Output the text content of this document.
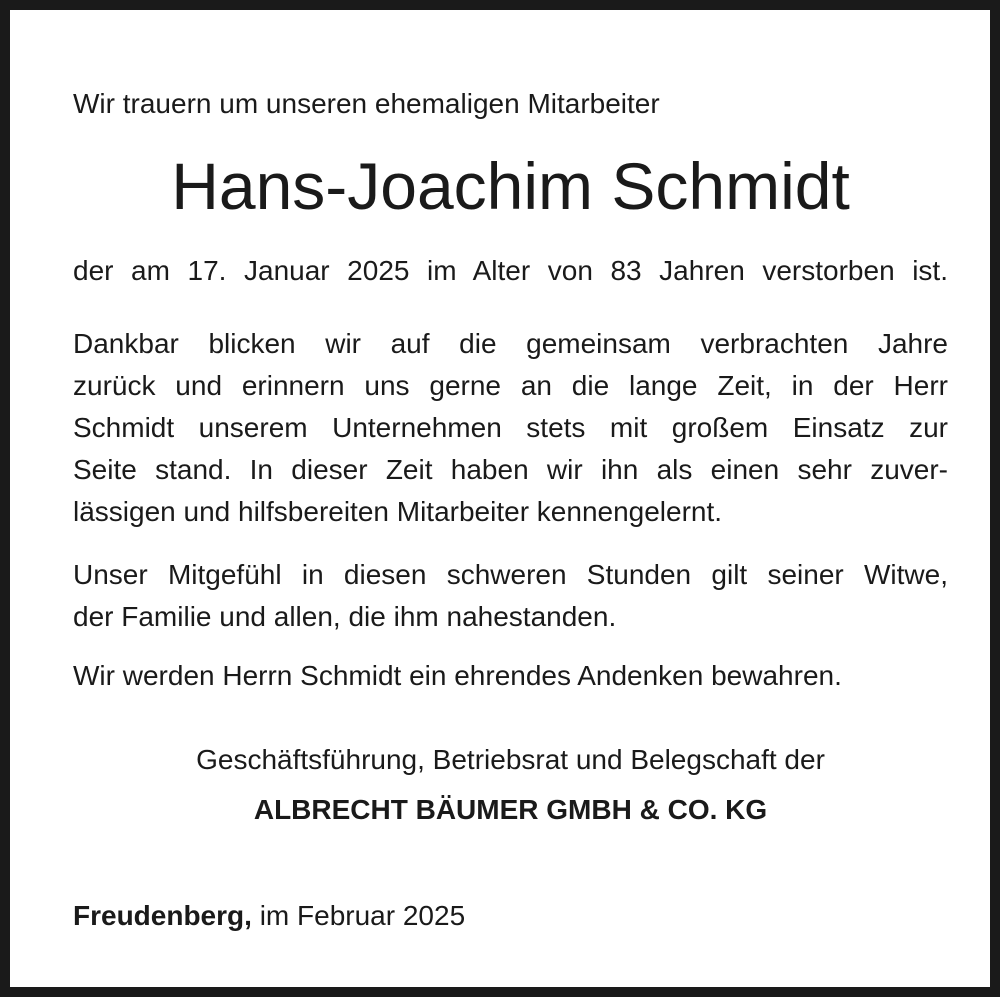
Wir trauern um unseren ehemaligen Mitarbeiter
Hans-Joachim Schmidt
der am 17. Januar 2025 im Alter von 83 Jahren verstorben ist.
Dankbar blicken wir auf die gemeinsam verbrachten Jahre
zurück und erinnern uns gerne an die lange Zeit, in der Herr
Schmidt unserem Unternehmen stets mit großem Einsatz zur
Seite stand. In dieser Zeit haben wir ihn als einen sehr zuver-
lässigen und hilfsbereiten Mitarbeiter kennengelernt.
Unser Mitgefühl in diesen schweren Stunden gilt seiner Witwe,
der Familie und allen, die ihm nahestanden.
Wir werden Herrn Schmidt ein ehrendes Andenken bewahren.
Geschäftsführung, Betriebsrat und Belegschaft der
ALBRECHT BÄUMER GMBH & CO. KG
Freudenberg, im Februar 2025
